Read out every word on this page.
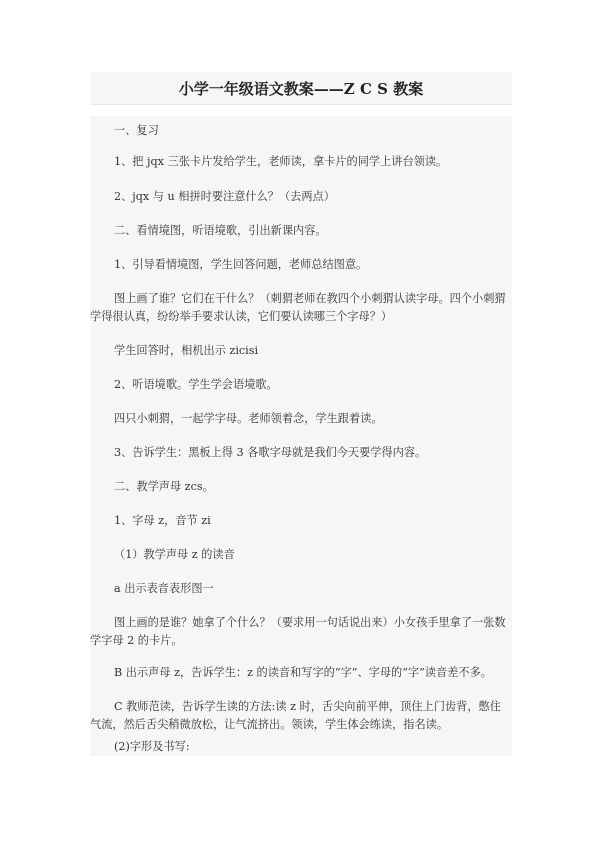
小学一年级语文教案——Z C S 教案

一、复习

1、把 jqx 三张卡片发给学生，老师读，拿卡片的同学上讲台领读。

2、jqx 与 u 相拼时要注意什么？（去两点）

二、看情境图，听语境歌，引出新课内容。

1、引导看情境图，学生回答问题，老师总结图意。

图上画了谁？它们在干什么？（刺猬老师在教四个小刺猬认读字母。四个小刺猬学得很认真，纷纷举手要求认读，它们要认读哪三个字母？）

学生回答时，相机出示 zicisi

2、听语境歌。学生学会语境歌。

四只小刺猬，一起学字母。老师领着念，学生跟着读。

3、告诉学生：黑板上得 3 各歌字母就是我们今天要学得内容。

二、教学声母 zcs。

1、字母 z，音节 zi

（1）教学声母 z 的读音

a 出示表音表形图一

图上画的是谁？她拿了个什么？（要求用一句话说出来）小女孩手里拿了一张数学字母 2 的卡片。

B 出示声母 z，告诉学生：z 的读音和写字的“字”、字母的“字”读音差不多。

C 教师范读，告诉学生读的方法:读 z 时，舌尖向前平伸，顶住上门齿背，憋住气流，然后舌尖稍微放松，让气流挤出。领读，学生体会练读，指名读。

(2)字形及书写:
